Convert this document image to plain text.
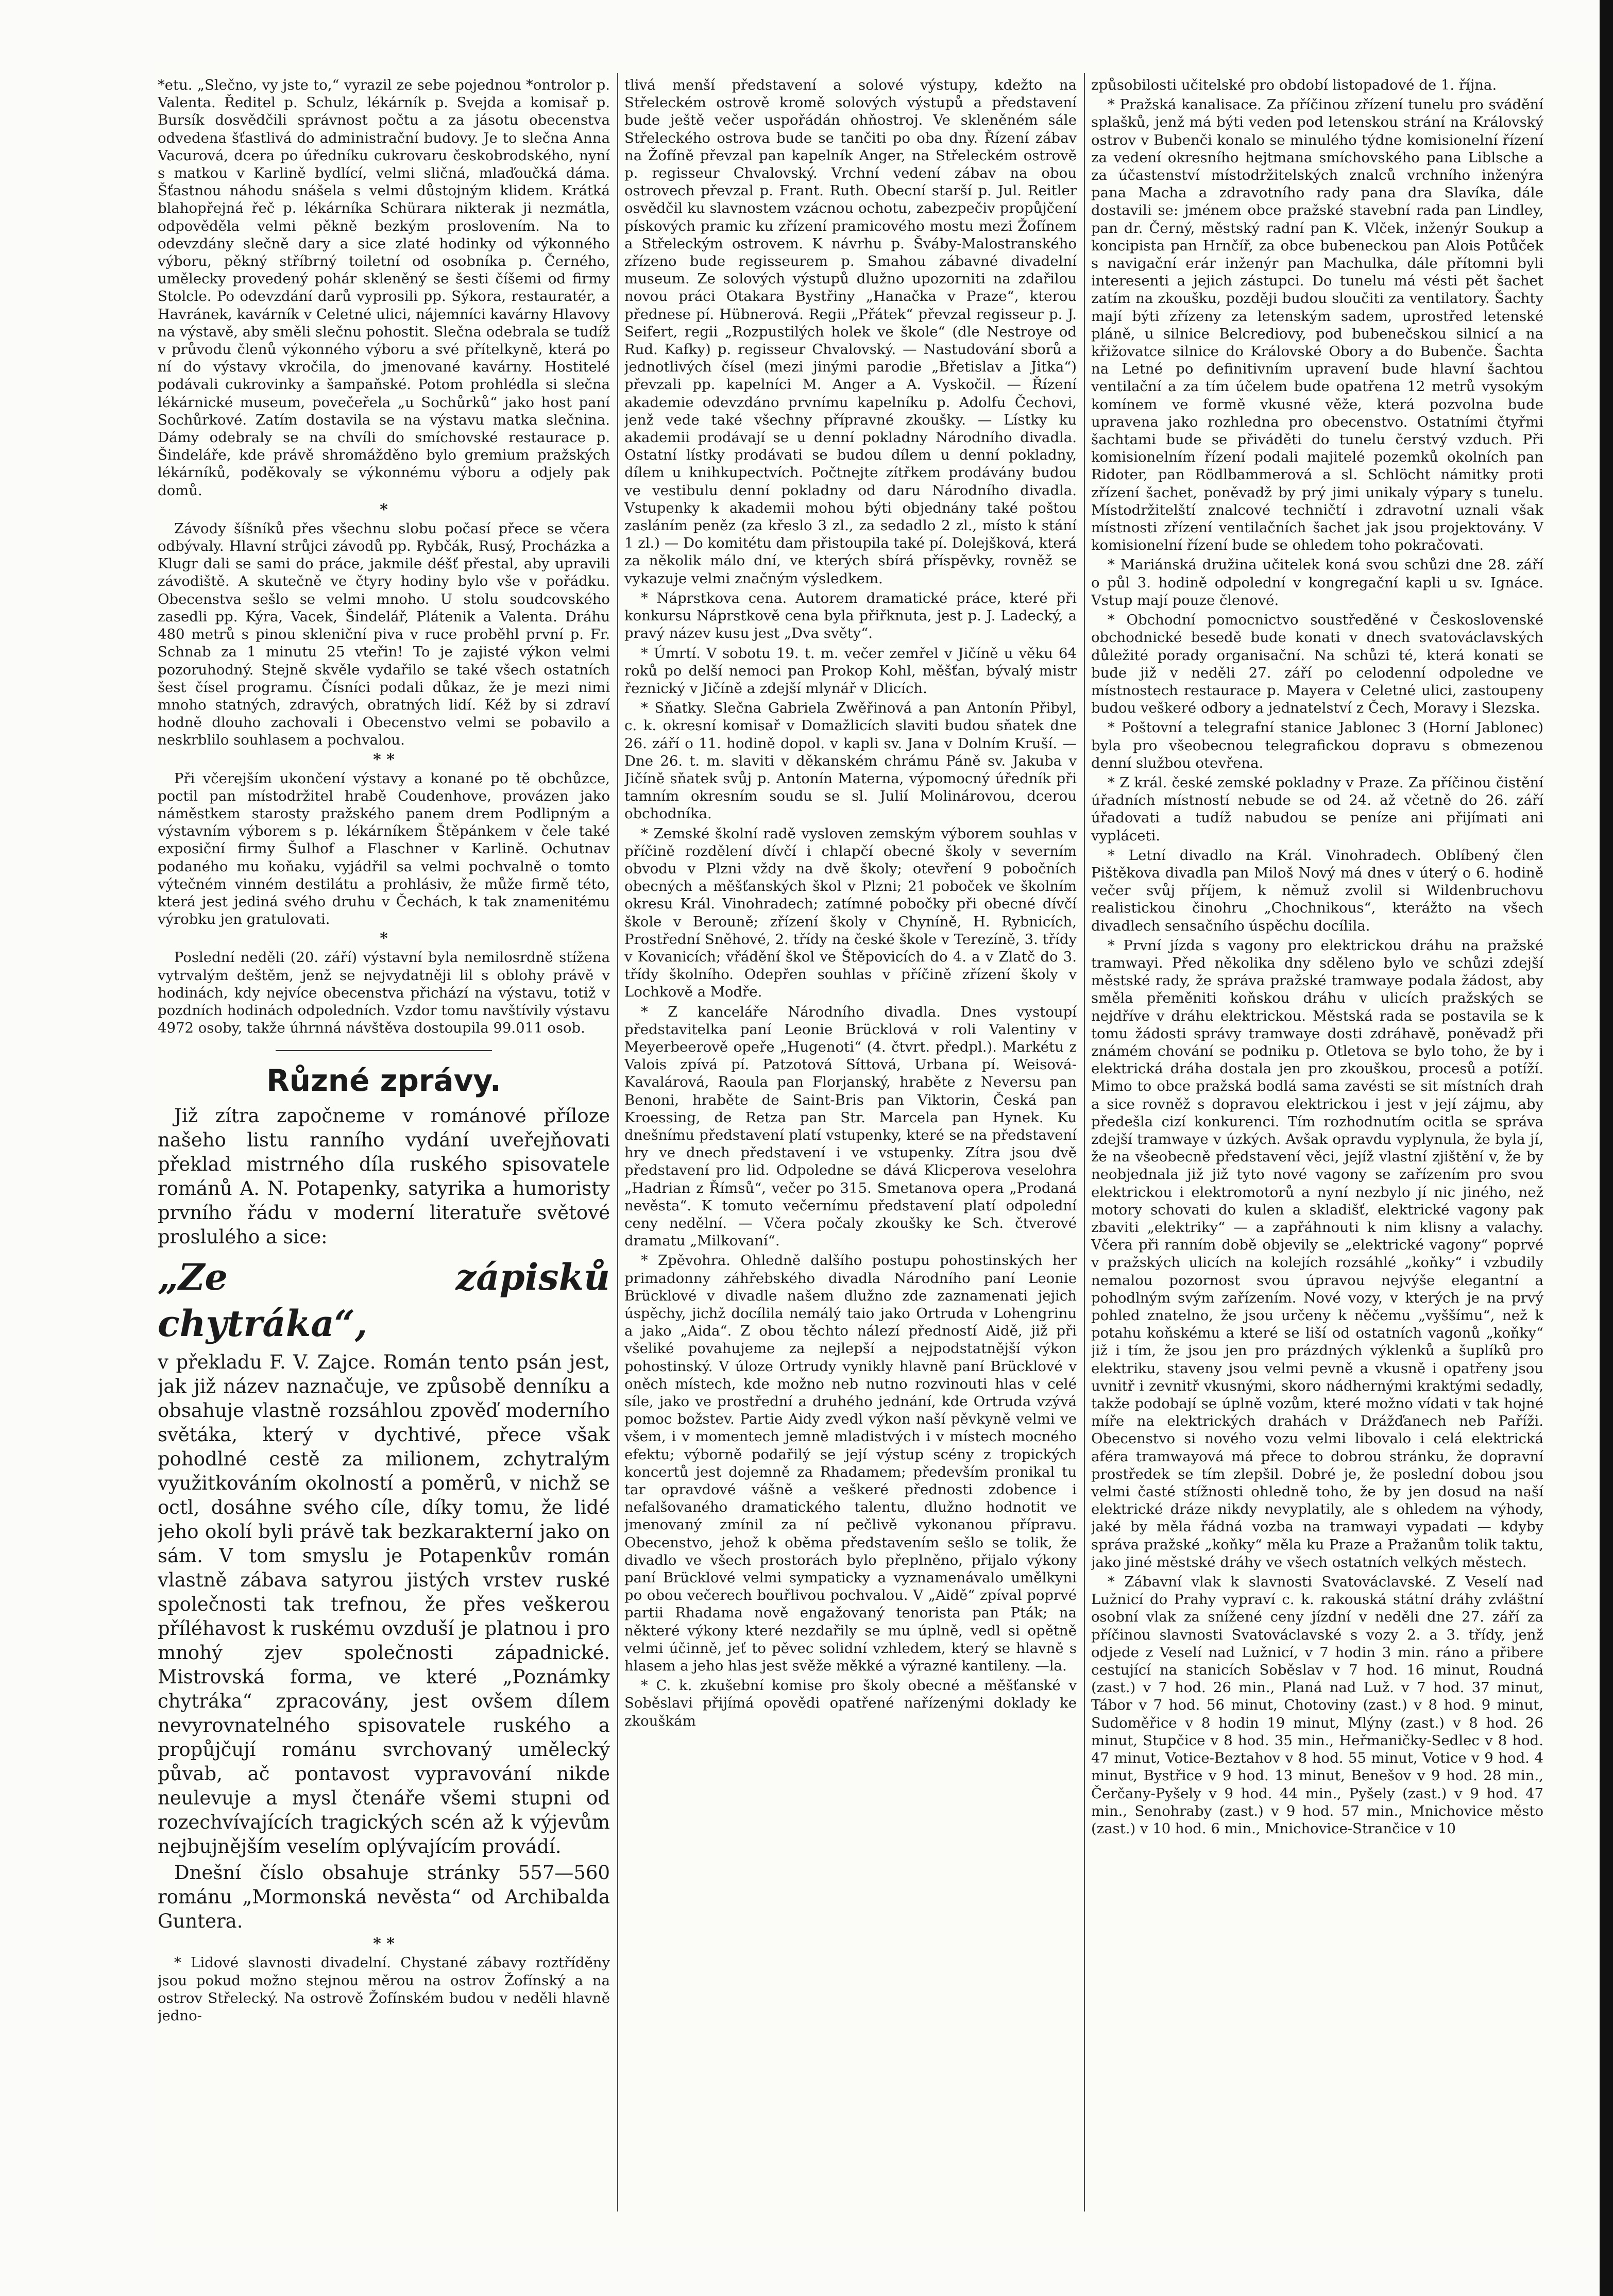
*etu. „Slečno, vy jste to,“ vyrazil ze sebe pojednou *ontrolor p. Valenta. Ředitel p. Schulz, lékárník p. Svejda a komisař p. Bursík dosvědčili správnost počtu a za jásotu obecenstva odvedena šťastlivá do administrační budovy. Je to slečna Anna Vacurová, dcera po úředníku cukrovaru českobrodského, nyní s matkou v Karlině bydlící, velmi sličná, mlaďoučká dáma. Šťastnou náhodu snášela s velmi důstojným klidem. Krátká blahopřejná řeč p. lékárníka Schürara nikterak ji nezmátla, odpověděla velmi pěkně bezkým proslovením. Na to odevzdány slečně dary a sice zlaté hodinky od výkonného výboru, pěkný stříbrný toiletní od osobníka p. Černého, umělecky provedený pohár skleněný se šesti číšemi od firmy Stolcle. Po odevzdání darů vyprosili pp. Sýkora, restauratér, a Havránek, kavárník v Celetné ulici, nájemníci kavárny Hlavovy na výstavě, aby směli slečnu pohostit. Slečna odebrala se tudíž v průvodu členů výkonného výboru a své přítelkyně, která po ní do výstavy vkročila, do jmenované kavárny. Hostitelé podávali cukrovinky a šampaňské. Potom prohlédla si slečna lékárnické museum, povečeřela „u Sochůrků“ jako host paní Sochůrkové. Zatím dostavila se na výstavu matka slečnina. Dámy odebraly se na chvíli do smíchovské restaurace p. Šindeláře, kde právě shromážděno bylo gremium pražských lékárníků, poděkovaly se výkonnému výboru a odjely pak domů.

*

Závody šíšníků přes všechnu slobu počasí přece se včera odbývaly. Hlavní strůjci závodů pp. Rybčák, Rusý, Procházka a Klugr dali se sami do práce, jakmile déšť přestal, aby upravili závodiště. A skutečně ve čtyry hodiny bylo vše v pořádku. Obecenstva sešlo se velmi mnoho. U stolu soudcovského zasedli pp. Kýra, Vacek, Šindelář, Plátenik a Valenta. Dráhu 480 metrů s pinou skleniční piva v ruce proběhl první p. Fr. Schnab za 1 minutu 25 vteřin! To je zajisté výkon velmi pozoruhodný. Stejně skvěle vydařilo se také všech ostatních šest čísel programu. Čísníci podali důkaz, že je mezi nimi mnoho statných, zdravých, obratných lidí. Kéž by si zdraví hodně dlouho zachovali i Obecenstvo velmi se pobavilo a neskrblilo souhlasem a pochvalou.

* *

Při včerejším ukončení výstavy a konané po tě obchůzce, poctil pan místodržitel hrabě Coudenhove, provázen jako náměstkem starosty pražského panem drem Podlipným a výstavním výborem s p. lékárníkem Štěpánkem v čele také exposiční firmy Šulhof a Flaschner v Karlině. Ochutnav podaného mu koňaku, vyjádřil sa velmi pochvalně o tomto výtečném vinném destilátu a prohlásiv, že může firmě této, která jest jediná svého druhu v Čechách, k tak znamenitému výrobku jen gratulovati.

*

Poslední neděli (20. září) výstavní byla nemilosrdně stížena vytrvalým deštěm, jenž se nejvydatněji lil s oblohy právě v hodinách, kdy nejvíce obecenstva přichází na výstavu, totiž v pozdních hodinách odpoledních. Vzdor tomu navštívily výstavu 4972 osoby, takže úhrnná návštěva dostoupila 99.011 osob.

Různé zprávy.

Již zítra započneme v románové příloze našeho listu ranního vydání uveřejňovati překlad mistrného díla ruského spisovatele románů A. N. Potapenky, satyrika a humoristy prvního řádu v moderní literatuře světové proslulého a sice:

„Ze zápisků chytráka“,

v překladu F. V. Zajce. Román tento psán jest, jak již název naznačuje, ve způsobě denníku a obsahuje vlastně rozsáhlou zpověď moderního světáka, který v dychtivé, přece však pohodlné cestě za milionem, zchytralým využitkováním okolností a poměrů, v nichž se octl, dosáhne svého cíle, díky tomu, že lidé jeho okolí byli právě tak bezkarakterní jako on sám. V tom smyslu je Potapenkův román vlastně zábava satyrou jistých vrstev ruské společnosti tak trefnou, že přes veškerou příléhavost k ruskému ovzduší je platnou i pro mnohý zjev společnosti západnické. Mistrovská forma, ve které „Poznámky chytráka“ zpracovány, jest ovšem dílem nevyrovnatelného spisovatele ruského a propůjčují románu svrchovaný umělecký půvab, ač pontavost vypravování nikde neulevuje a mysl čtenáře všemi stupni od rozechvívajících tragických scén až k výjevům nejbujnějším veselím oplývajícím provádí.

Dnešní číslo obsahuje stránky 557—560 románu „Mormonská nevěsta“ od Archibalda Guntera.

* *

* Lidové slavnosti divadelní. Chystané zábavy roztříděny jsou pokud možno stejnou měrou na ostrov Žofínský a na ostrov Střelecký. Na ostrově Žofínském budou v neděli hlavně jedno-

tlivá menší představení a solové výstupy, kdežto na Střeleckém ostrově kromě solových výstupů a představení bude ještě večer uspořádán ohňostroj. Ve skleněném sále Střeleckého ostrova bude se tančiti po oba dny. Řízení zábav na Žofíně převzal pan kapelník Anger, na Střeleckém ostrově p. regisseur Chvalovský. Vrchní vedení zábav na obou ostrovech převzal p. Frant. Ruth. Obecní starší p. Jul. Reitler osvědčil ku slavnostem vzácnou ochotu, zabezpečiv propůjčení pískových pramic ku zřízení pramicového mostu mezi Žofínem a Střeleckým ostrovem. K návrhu p. Šváby-Malostranského zřízeno bude regisseurem p. Smahou zábavné divadelní museum. Ze solových výstupů dlužno upozorniti na zdařilou novou práci Otakara Bystřiny „Hanačka v Praze“, kterou přednese pí. Hübnerová. Regii „Přátek“ převzal regisseur p. J. Seifert, regii „Rozpustilých holek ve škole“ (dle Nestroye od Rud. Kafky) p. regisseur Chvalovský. — Nastudování sborů a jednotlivých čísel (mezi jinými parodie „Břetislav a Jitka“) převzali pp. kapelníci M. Anger a A. Vyskočil. — Řízení akademie odevzdáno prvnímu kapelníku p. Adolfu Čechovi, jenž vede také všechny přípravné zkoušky. — Lístky ku akademii prodávají se u denní pokladny Národního divadla. Ostatní lístky prodávati se budou dílem u denní pokladny, dílem u knihkupectvích. Počtnejte zítřkem prodávány budou ve vestibulu denní pokladny od daru Národního divadla. Vstupenky k akademii mohou býti objednány také poštou zasláním peněz (za křeslo 3 zl., za sedadlo 2 zl., místo k stání 1 zl.) — Do komitétu dam přistoupila také pí. Dolejšková, která za několik málo dní, ve kterých sbírá příspěvky, rovněž se vykazuje velmi značným výsledkem.

* Náprstkova cena. Autorem dramatické práce, které při konkursu Náprstkově cena byla přiřknuta, jest p. J. Ladecký, a pravý název kusu jest „Dva světy“.

* Úmrtí. V sobotu 19. t. m. večer zemřel v Jičíně u věku 64 roků po delší nemoci pan Prokop Kohl, měšťan, bývalý mistr řeznický v Jičíně a zdejší mlynář v Dlicích.

* Sňatky. Slečna Gabriela Zwěřinová a pan Antonín Přibyl, c. k. okresní komisař v Domažlicích slaviti budou sňatek dne 26. září o 11. hodině dopol. v kapli sv. Jana v Dolním Kruší. — Dne 26. t. m. slaviti v děkanském chrámu Páně sv. Jakuba v Jičíně sňatek svůj p. Antonín Materna, výpomocný úředník při tamním okresním soudu se sl. Julií Molinárovou, dcerou obchodníka.

* Zemské školní radě vysloven zemským výborem souhlas v příčině rozdělení dívčí i chlapčí obecné školy v severním obvodu v Plzni vždy na dvě školy; otevření 9 pobočních obecných a měšťanských škol v Plzni; 21 poboček ve školním okresu Král. Vinohradech; zatímné pobočky při obecné dívčí škole v Berouně; zřízení školy v Chyníně, H. Rybnicích, Prostřední Sněhové, 2. třídy na české škole v Terezíně, 3. třídy v Kovanicích; vřádění škol ve Štěpovicích do 4. a v Zlatč do 3. třídy školního. Odepřen souhlas v příčině zřízení školy v Lochkově a Modře.

* Z kanceláře Národního divadla. Dnes vystoupí představitelka paní Leonie Brücklová v roli Valentiny v Meyerbeerově opeře „Hugenoti“ (4. čtvrt. předpl.). Markétu z Valois zpívá pí. Patzotová Síttová, Urbana pí. Weisová-Kavalárová, Raoula pan Florjanský, hraběte z Neversu pan Benoni, hraběte de Saint-Bris pan Viktorin, Česká pan Kroessing, de Retza pan Str. Marcela pan Hynek. Ku dnešnímu představení platí vstupenky, které se na představení hry ve dnech představení i ve vstupenky. Zítra jsou dvě představení pro lid. Odpoledne se dává Klicperova veselohra „Hadrian z Římsů“, večer po 315. Smetanova opera „Prodaná nevěsta“. K tomuto večernímu představení platí odpolední ceny nedělní. — Včera počaly zkoušky ke Sch. čtverové dramatu „Milkovaní“.

* Zpěvohra. Ohledně dalšího postupu pohostinských her primadonny záhřebského divadla Národního paní Leonie Brücklové v divadle našem dlužno zde zaznamenati jejich úspěchy, jichž docílila nemálý taio jako Ortruda v Lohengrinu a jako „Aida“. Z obou těchto nálezí předností Aidě, již při všeliké povahujeme za nejlepší a nejpodstatnější výkon pohostinský. V úloze Ortrudy vynikly hlavně paní Brücklové v oněch místech, kde možno neb nutno rozvinouti hlas v celé síle, jako ve prostřední a druhého jednání, kde Ortruda vzývá pomoc božstev. Partie Aidy zvedl výkon naší pěvkyně velmi ve všem, i v momentech jemně mladistvých i v místech mocného efektu; výborně podařilý se její výstup scény z tropických koncertů jest dojemně za Rhadamem; především pronikal tu tar opravdové vášně a veškeré přednosti zdobence i nefalšovaného dramatického talentu, dlužno hodnotit ve jmenovaný zmínil za ní pečlivě vykonanou přípravu. Obecenstvo, jehož k oběma představením sešlo se tolik, že divadlo ve všech prostorách bylo přeplněno, přijalo výkony paní Brücklové velmi sympaticky a vyznamenávalo umělkyni po obou večerech bouřlivou pochvalou. V „Aidě“ zpíval poprvé partii Rhadama nově engažovaný tenorista pan Pták; na některé výkony které nezdařily se mu úplně, vedl si opětně velmi účinně, jeť to pěvec solidní vzhledem, který se hlavně s hlasem a jeho hlas jest svěže měkké a výrazné kantileny. —la.

* C. k. zkušební komise pro školy obecné a měšťanské v Soběslavi přijímá opovědi opatřené nařízenými doklady ke zkouškám

způsobilosti učitelské pro období listopadové de 1. října.

* Pražská kanalisace. Za příčinou zřízení tunelu pro svádění splašků, jenž má býti veden pod letenskou strání na Královský ostrov v Bubenči konalo se minulého týdne komisionelní řízení za vedení okresního hejtmana smíchovského pana Liblsche a za účastenství místodržitelských znalců vrchního inženýra pana Macha a zdravotního rady pana dra Slavíka, dále dostavili se: jménem obce pražské stavební rada pan Lindley, pan dr. Černý, městský radní pan K. Vlček, inženýr Soukup a koncipista pan Hrnčíř, za obce bubeneckou pan Alois Potůček s navigační erár inženýr pan Machulka, dále přítomni byli interesenti a jejich zástupci. Do tunelu má vésti pět šachet zatím na zkoušku, později budou sloučiti za ventilatory. Šachty mají býti zřízeny za letenským sadem, uprostřed letenské pláně, u silnice Belcrediovy, pod bubenečskou silnicí a na křižovatce silnice do Královské Obory a do Bubenče. Šachta na Letné po definitivním upravení bude hlavní šachtou ventilační a za tím účelem bude opatřena 12 metrů vysokým komínem ve formě vkusné věže, která pozvolna bude upravena jako rozhledna pro obecenstvo. Ostatními čtyřmi šachtami bude se přiváděti do tunelu čerstvý vzduch. Při komisionelním řízení podali majitelé pozemků okolních pan Ridoter, pan Rödlbammerová a sl. Schlöcht námitky proti zřízení šachet, poněvadž by prý jimi unikaly výpary s tunelu. Místodržitelští znalcové techničtí i zdravotní uznali však místnosti zřízení ventilačních šachet jak jsou projektovány. V komisionelní řízení bude se ohledem toho pokračovati.

* Mariánská družina učitelek koná svou schůzi dne 28. září o půl 3. hodině odpolední v kongregační kapli u sv. Ignáce. Vstup mají pouze členové.

* Obchodní pomocnictvo soustředěné v Československé obchodnické besedě bude konati v dnech svatováclavských důležité porady organisační. Na schůzi té, která konati se bude již v neděli 27. září po celodenní odpoledne ve místnostech restaurace p. Mayera v Celetné ulici, zastoupeny budou veškeré odbory a jednatelství z Čech, Moravy i Slezska.

* Poštovní a telegrafní stanice Jablonec 3 (Horní Jablonec) byla pro všeobecnou telegrafickou dopravu s obmezenou denní službou otevřena.

* Z král. české zemské pokladny v Praze. Za příčinou čistění úřadních místností nebude se od 24. až včetně do 26. září úřadovati a tudíž nabudou se peníze ani přijímati ani vypláceti.

* Letní divadlo na Král. Vinohradech. Oblíbený člen Pištěkova divadla pan Miloš Nový má dnes v úterý o 6. hodině večer svůj příjem, k němuž zvolil si Wildenbruchovu realistickou činohru „Chochnikous“, kterážto na všech divadlech sensačního úspěchu docílila.

* První jízda s vagony pro elektrickou dráhu na pražské tramwayi. Před několika dny sděleno bylo ve schůzi zdejší městské rady, že správa pražské tramwaye podala žádost, aby směla přeměniti koňskou dráhu v ulicích pražských se nejdříve v dráhu elektrickou. Městská rada se postavila se k tomu žádosti správy tramwaye dosti zdráhavě, poněvadž při známém chování se podniku p. Otletova se bylo toho, že by i elektrická dráha dostala jen pro zkouškou, procesů a potíží. Mimo to obce pražská bodlá sama zavésti se sit místních drah a sice rovněž s dopravou elektrickou i jest v její zájmu, aby předešla cizí konkurenci. Tím rozhodnutím ocitla se správa zdejší tramwaye v úzkých. Avšak opravdu vyplynula, že byla jí, že na všeobecně představení věci, jejíž vlastní zjištění v, že by neobjednala již již tyto nové vagony se zařízením pro svou elektrickou i elektromotorů a nyní nezbylo jí nic jiného, než motory schovati do kulen a skladišť, elektrické vagony pak zbaviti „elektriky“ — a zapřáhnouti k nim klisny a valachy. Včera při ranním době objevily se „elektrické vagony“ poprvé v pražských ulicích na kolejích rozsáhlé „koňky“ i vzbudily nemalou pozornost svou úpravou nejvýše elegantní a pohodlným svým zařízením. Nové vozy, v kterých je na prvý pohled znatelno, že jsou určeny k něčemu „vyššímu“, než k potahu koňskému a které se liší od ostatních vagonů „koňky“ již i tím, že jsou jen pro prázdných výklenků a šuplíků pro elektriku, staveny jsou velmi pevně a vkusně i opatřeny jsou uvnitř i zevnitř vkusnými, skoro nádhernými kraktými sedadly, takže podobají se úplně vozům, které možno vídati v tak hojné míře na elektrických drahách v Drážďanech neb Paříži. Obecenstvo si nového vozu velmi libovalo i celá elektrická aféra tramwayová má přece to dobrou stránku, že dopravní prostředek se tím zlepšil. Dobré je, že poslední dobou jsou velmi časté stížnosti ohledně toho, že by jen dosud na naší elektrické dráze nikdy nevyplatily, ale s ohledem na výhody, jaké by měla řádná vozba na tramwayi vypadati — kdyby správa pražské „koňky“ měla ku Praze a Pražanům tolik taktu, jako jiné městské dráhy ve všech ostatních velkých městech.

* Zábavní vlak k slavnosti Svatováclavské. Z Veselí nad Lužnicí do Prahy vypraví c. k. rakouská státní dráhy zvláštní osobní vlak za snížené ceny jízdní v neděli dne 27. září za příčinou slavnosti Svatováclavské s vozy 2. a 3. třídy, jenž odjede z Veselí nad Lužnicí, v 7 hodin 3 min. ráno a přibere cestující na stanicích Soběslav v 7 hod. 16 minut, Roudná (zast.) v 7 hod. 26 min., Planá nad Luž. v 7 hod. 37 minut, Tábor v 7 hod. 56 minut, Chotoviny (zast.) v 8 hod. 9 minut, Sudoměřice v 8 hodin 19 minut, Mlýny (zast.) v 8 hod. 26 minut, Stupčice v 8 hod. 35 min., Heřmaničky-Sedlec v 8 hod. 47 minut, Votice-Beztahov v 8 hod. 55 minut, Votice v 9 hod. 4 minut, Bystřice v 9 hod. 13 minut, Benešov v 9 hod. 28 min., Čerčany-Pyšely v 9 hod. 44 min., Pyšely (zast.) v 9 hod. 47 min., Senohraby (zast.) v 9 hod. 57 min., Mnichovice město (zast.) v 10 hod. 6 min., Mnichovice-Strančice v 10
